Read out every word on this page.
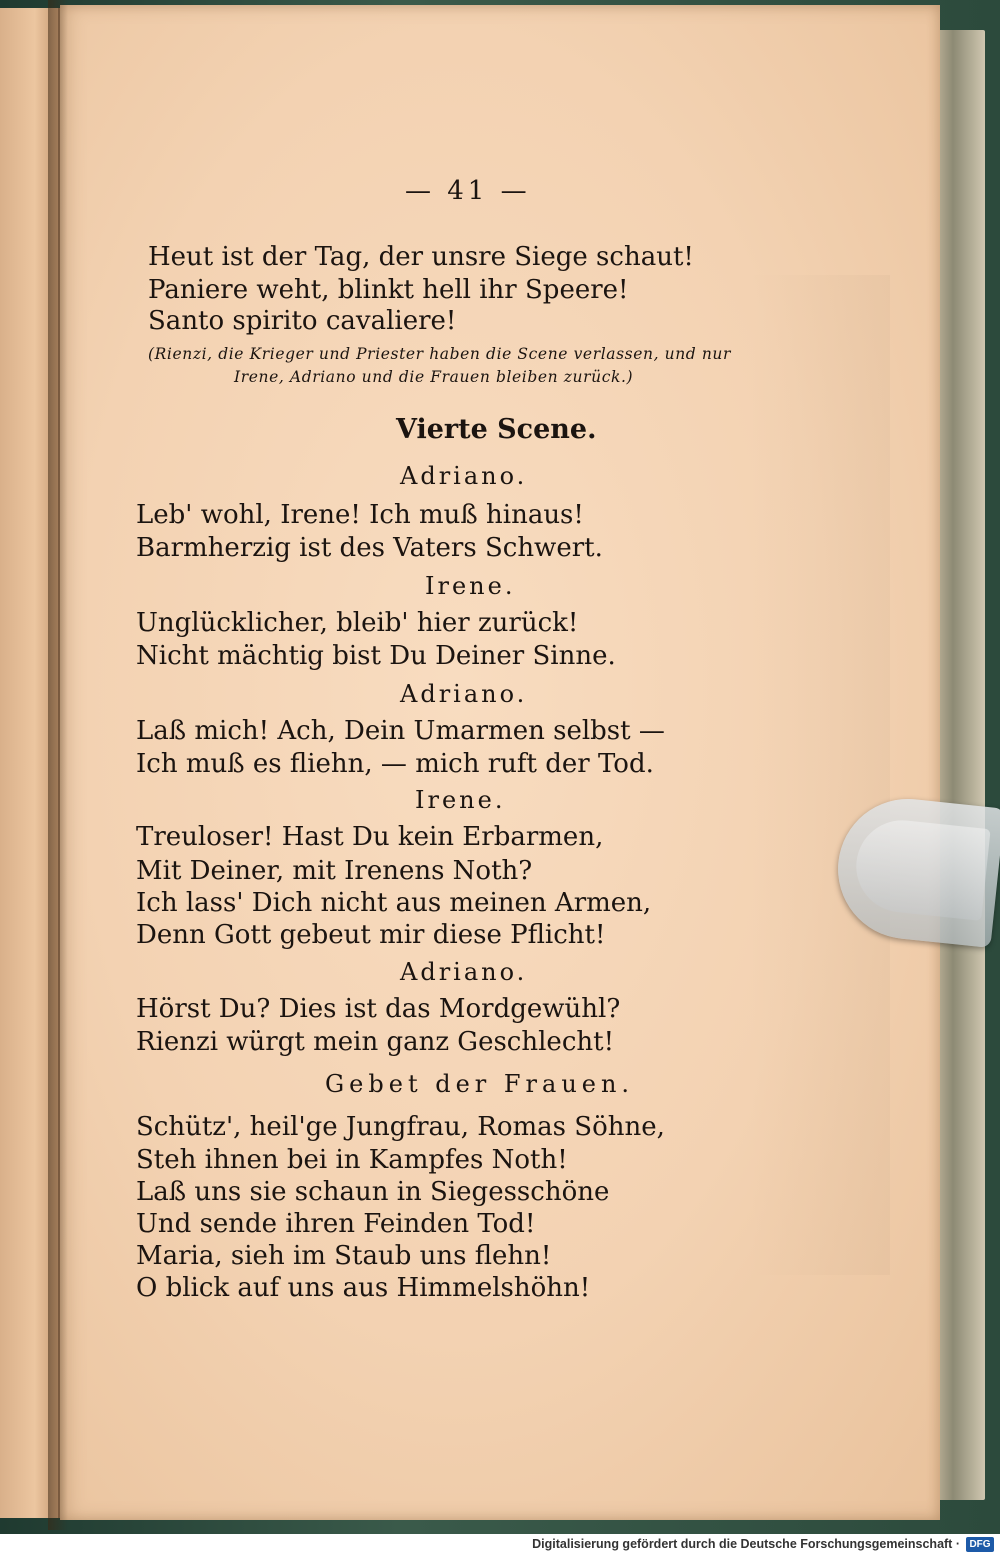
— 41 —
Heut ist der Tag, der unsre Siege schaut!
Paniere weht, blinkt hell ihr Speere!
Santo spirito cavaliere!
(Rienzi, die Krieger und Priester haben die Scene verlassen, und nur
Irene, Adriano und die Frauen bleiben zurück.)
Vierte Scene.
Adriano.
Leb' wohl, Irene! Ich muß hinaus!
Barmherzig ist des Vaters Schwert.
Irene.
Unglücklicher, bleib' hier zurück!
Nicht mächtig bist Du Deiner Sinne.
Adriano.
Laß mich! Ach, Dein Umarmen selbst —
Ich muß es fliehn, — mich ruft der Tod.
Irene.
Treuloser! Hast Du kein Erbarmen,
Mit Deiner, mit Irenens Noth?
Ich lass' Dich nicht aus meinen Armen,
Denn Gott gebeut mir diese Pflicht!
Adriano.
Hörst Du? Dies ist das Mordgewühl?
Rienzi würgt mein ganz Geschlecht!
Gebet der Frauen.
Schütz', heil'ge Jungfrau, Romas Söhne,
Steh ihnen bei in Kampfes Noth!
Laß uns sie schaun in Siegesschöne
Und sende ihren Feinden Tod!
Maria, sieh im Staub uns flehn!
O blick auf uns aus Himmelshöhn!
Digitalisierung gefördert durch die Deutsche Forschungsgemeinschaft · DFG
